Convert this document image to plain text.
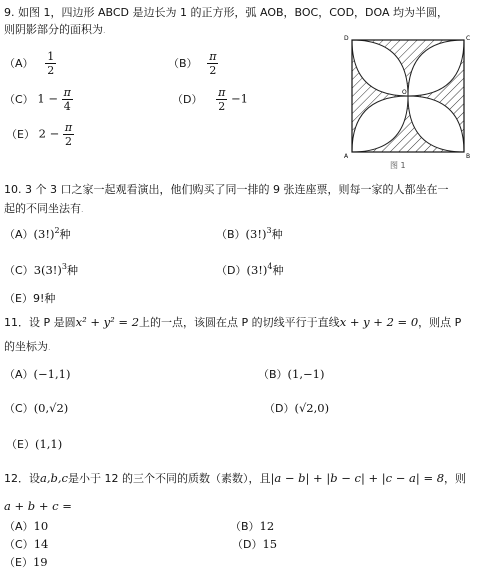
9. 如图 1，四边形 ABCD 是边长为 1 的正方形，弧 AOB，BOC，COD，DOA 均为半圆，
则阴影部分的面积为.
$(A) \frac{1}{2}$	$(B) \frac{\pi}{2}$
（C） $1 - \frac{\pi}{4}$	$(D) \frac{\pi}{2} -1$
（E） $2 - \frac{\pi}{2}$
D	C
A	B
O
图 1
10. 3 个 3 口之家一起观看演出，他们购买了同一排的 9 张连座票，则每一家的人都坐在一
起的不同坐法有.
$(A)(3!)^2$种	$(B)(3!)^3$种
$(C)3(3!)^3$种	$(D)(3!)^4$种
（E）9!种
11．设 P 是圆x² + y² = 2上的一点，该圆在点 P 的切线平行于直线x + y + 2 = 0，则点 P
的坐标为.
（A）(−1,1)	（B）(1,−1)
（C）(0,√2)	（D）(√2,0)
（E）(1,1)
12．设a,b,c是小于 12 的三个不同的质数（素数），且|a − b| + |b − c| + |c − a| = 8，则
a + b + c =
（A）10	（B）12
（C）14	（D）15
（E）19
